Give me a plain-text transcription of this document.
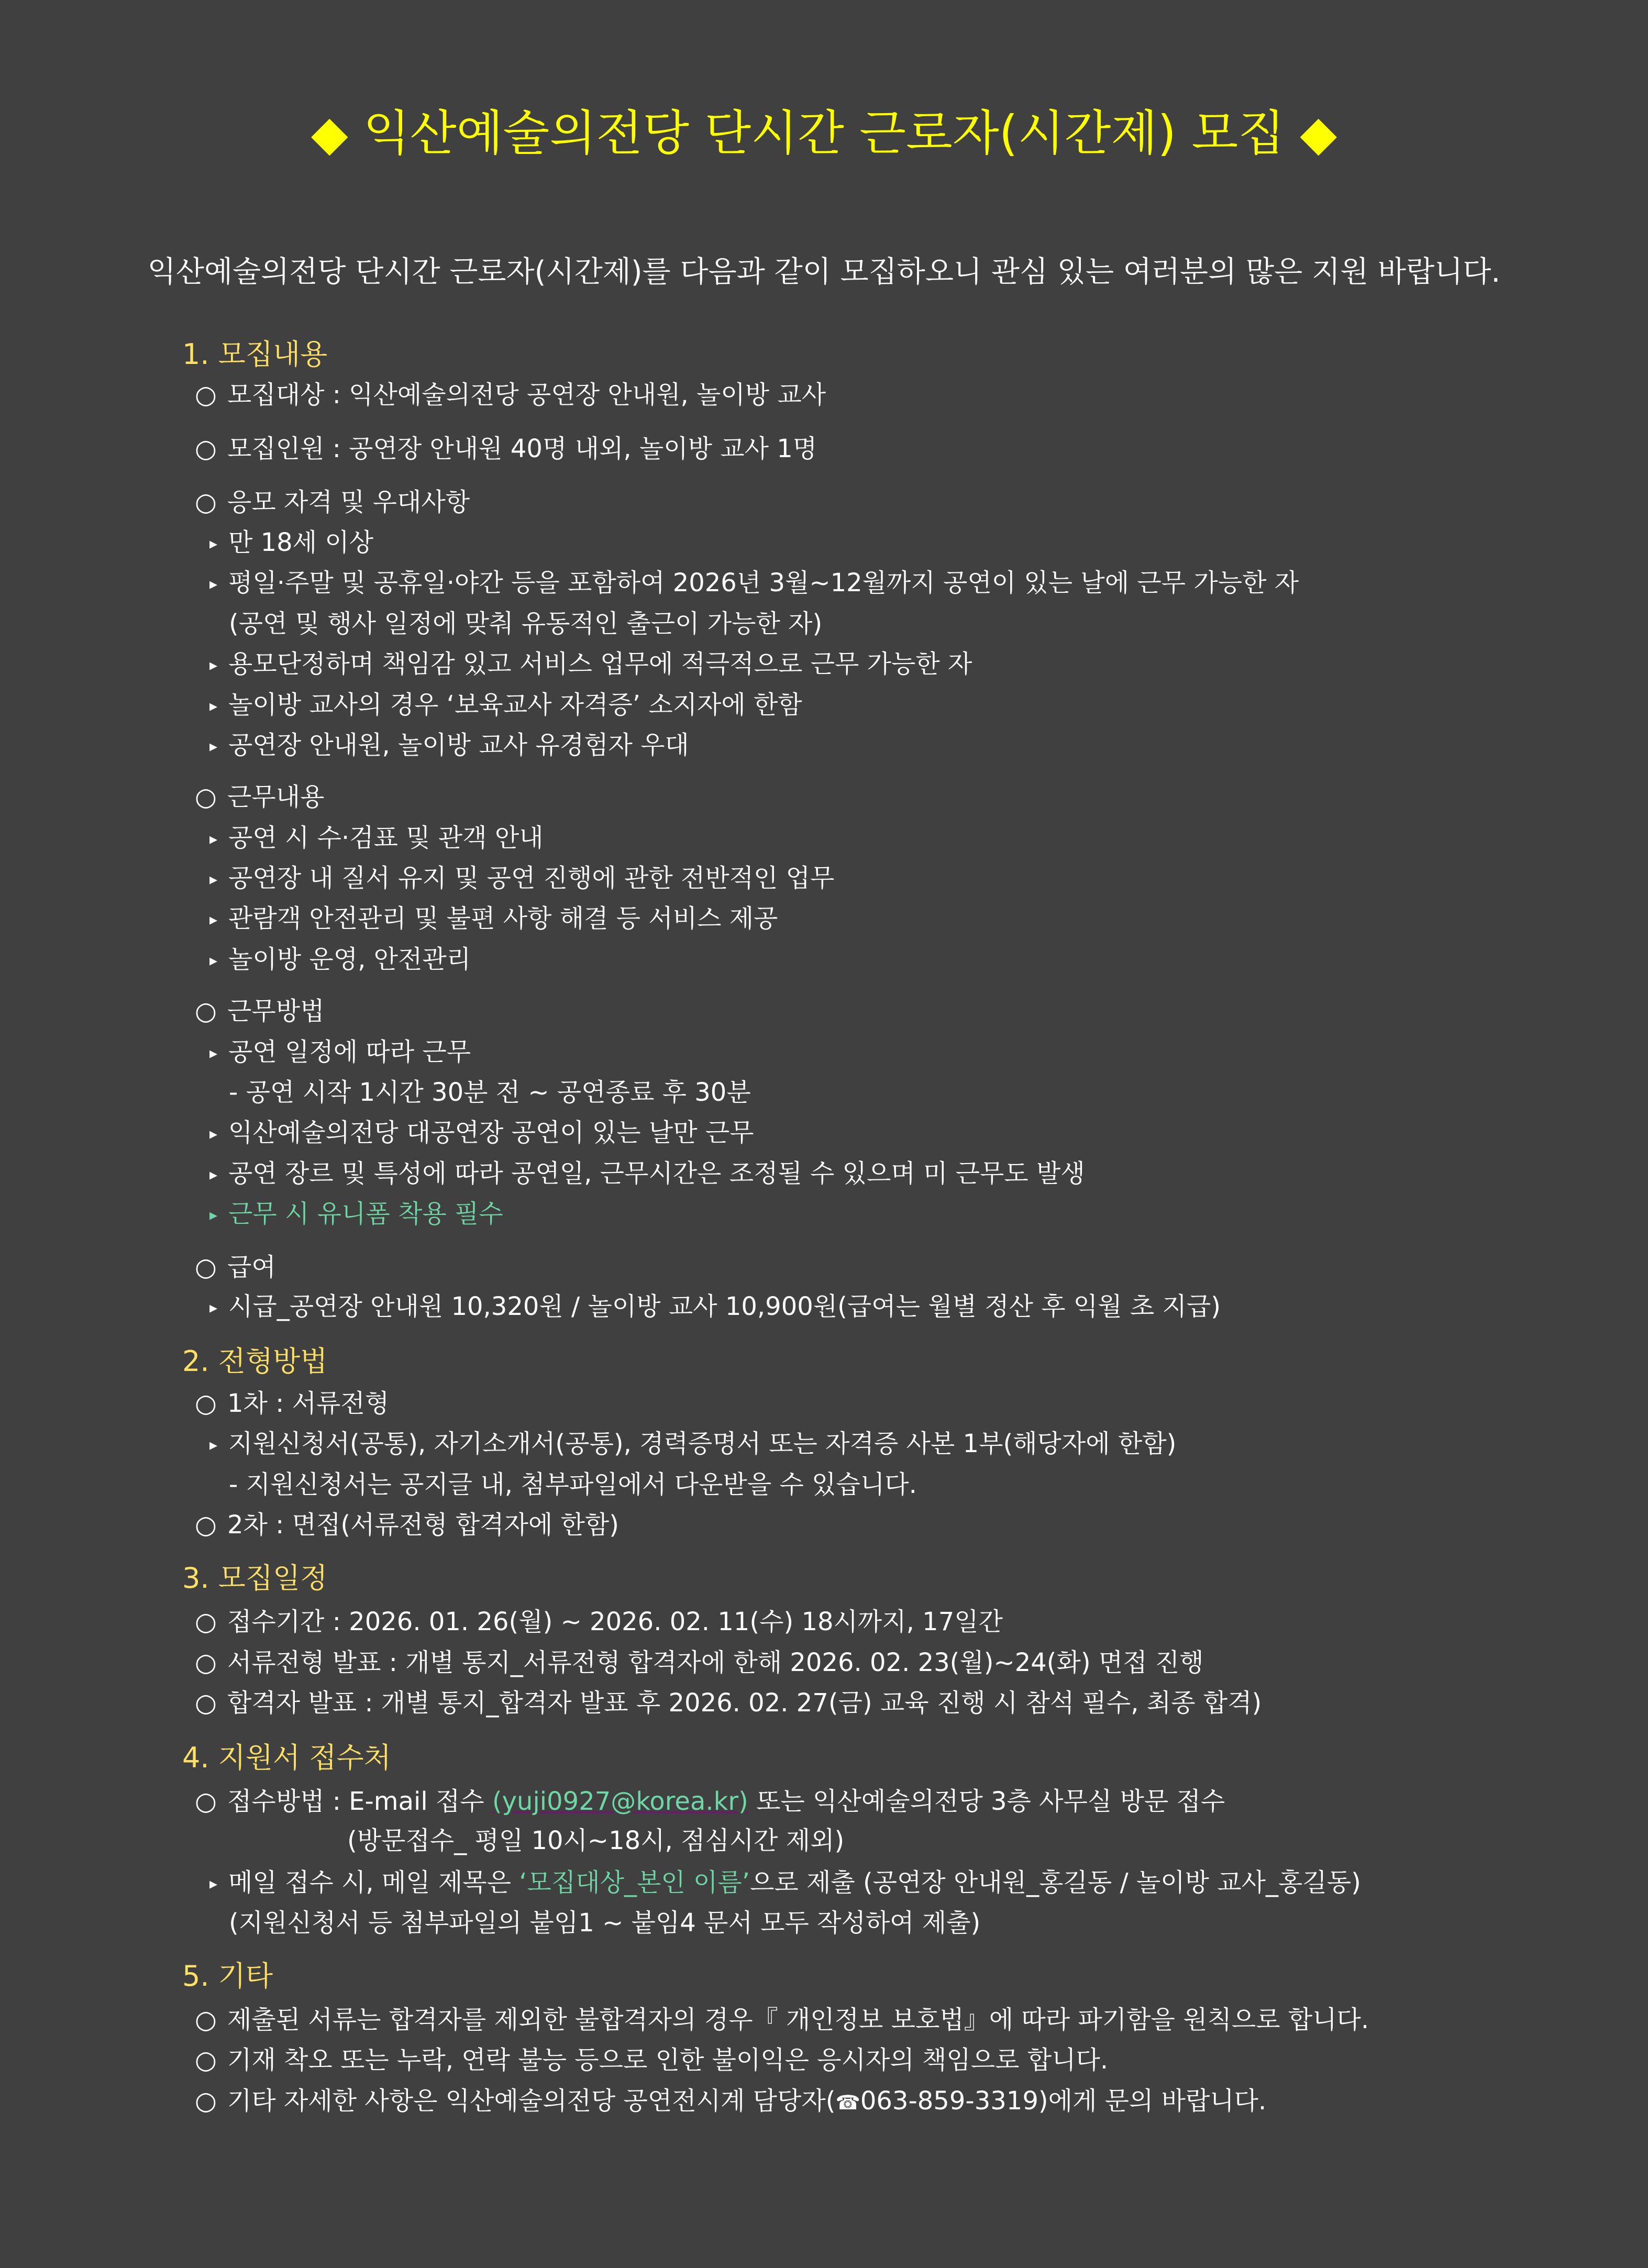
◆ 익산예술의전당 단시간 근로자(시간제) 모집 ◆
익산예술의전당 단시간 근로자(시간제)를 다음과 같이 모집하오니 관심 있는 여러분의 많은 지원 바랍니다.
1. 모집내용
○ 모집대상 : 익산예술의전당 공연장 안내원, 놀이방 교사
○ 모집인원 : 공연장 안내원 40명 내외, 놀이방 교사 1명
○ 응모 자격 및 우대사항
▸ 만 18세 이상
▸ 평일·주말 및 공휴일·야간 등을 포함하여 2026년 3월~12월까지 공연이 있는 날에 근무 가능한 자
(공연 및 행사 일정에 맞춰 유동적인 출근이 가능한 자)
▸ 용모단정하며 책임감 있고 서비스 업무에 적극적으로 근무 가능한 자
▸ 놀이방 교사의 경우 ‘보육교사 자격증’ 소지자에 한함
▸ 공연장 안내원, 놀이방 교사 유경험자 우대
○ 근무내용
▸ 공연 시 수·검표 및 관객 안내
▸ 공연장 내 질서 유지 및 공연 진행에 관한 전반적인 업무
▸ 관람객 안전관리 및 불편 사항 해결 등 서비스 제공
▸ 놀이방 운영, 안전관리
○ 근무방법
▸ 공연 일정에 따라 근무
- 공연 시작 1시간 30분 전 ~ 공연종료 후 30분
▸ 익산예술의전당 대공연장 공연이 있는 날만 근무
▸ 공연 장르 및 특성에 따라 공연일, 근무시간은 조정될 수 있으며 미 근무도 발생
▸ 근무 시 유니폼 착용 필수
○ 급여
▸ 시급_공연장 안내원 10,320원 / 놀이방 교사 10,900원(급여는 월별 정산 후 익월 초 지급)
2. 전형방법
○ 1차 : 서류전형
▸ 지원신청서(공통), 자기소개서(공통), 경력증명서 또는 자격증 사본 1부(해당자에 한함)
- 지원신청서는 공지글 내, 첨부파일에서 다운받을 수 있습니다.
○ 2차 : 면접(서류전형 합격자에 한함)
3. 모집일정
○ 접수기간 : 2026. 01. 26(월) ~ 2026. 02. 11(수) 18시까지, 17일간
○ 서류전형 발표 : 개별 통지_서류전형 합격자에 한해 2026. 02. 23(월)~24(화) 면접 진행
○ 합격자 발표 : 개별 통지_합격자 발표 후 2026. 02. 27(금) 교육 진행 시 참석 필수, 최종 합격)
4. 지원서 접수처
○ 접수방법 : E-mail 접수 (yuji0927@korea.kr) 또는 익산예술의전당 3층 사무실 방문 접수
(방문접수_ 평일 10시~18시, 점심시간 제외)
▸ 메일 접수 시, 메일 제목은 ‘모집대상_본인 이름’으로 제출 (공연장 안내원_홍길동 / 놀이방 교사_홍길동)
(지원신청서 등 첨부파일의 붙임1 ~ 붙임4 문서 모두 작성하여 제출)
5. 기타
○ 제출된 서류는 합격자를 제외한 불합격자의 경우『 개인정보 보호법』에 따라 파기함을 원칙으로 합니다.
○ 기재 착오 또는 누락, 연락 불능 등으로 인한 불이익은 응시자의 책임으로 합니다.
○ 기타 자세한 사항은 익산예술의전당 공연전시계 담당자(☎063-859-3319)에게 문의 바랍니다.
